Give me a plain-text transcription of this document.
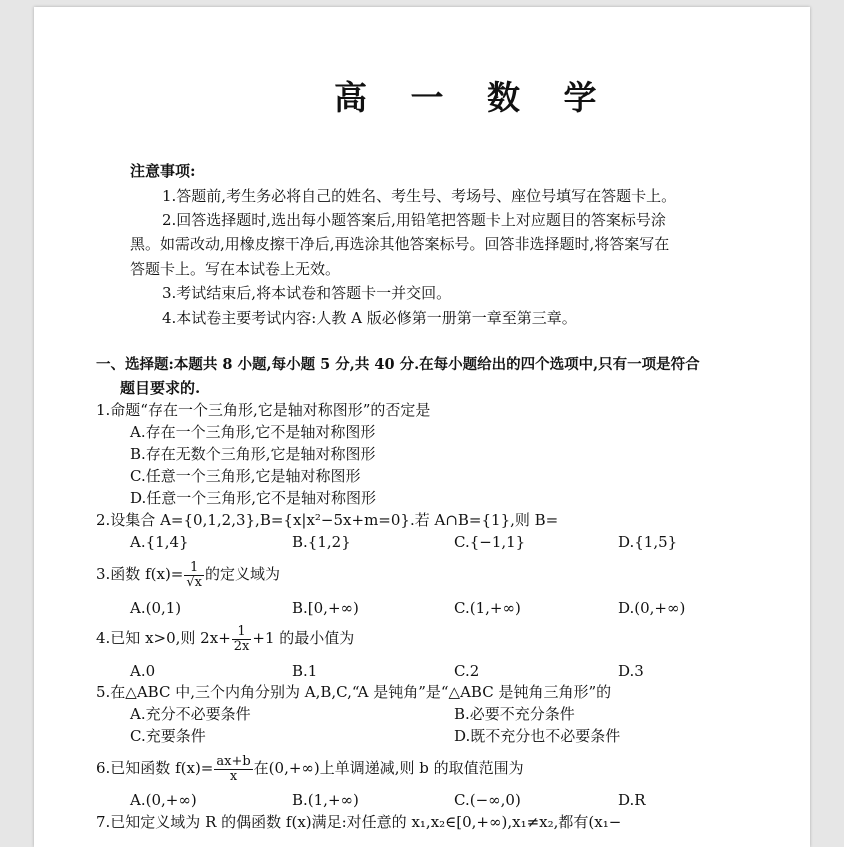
高 一 数 学
注意事项:
1.答题前,考生务必将自己的姓名、考生号、考场号、座位号填写在答题卡上。
2.回答选择题时,选出每小题答案后,用铅笔把答题卡上对应题目的答案标号涂
黑。如需改动,用橡皮擦干净后,再选涂其他答案标号。回答非选择题时,将答案写在
答题卡上。写在本试卷上无效。
3.考试结束后,将本试卷和答题卡一并交回。
4.本试卷主要考试内容:人教 A 版必修第一册第一章至第三章。
一、选择题:本题共 8 小题,每小题 5 分,共 40 分.在每小题给出的四个选项中,只有一项是符合
题目要求的.
1.命题“存在一个三角形,它是轴对称图形”的否定是
A.存在一个三角形,它不是轴对称图形
B.存在无数个三角形,它是轴对称图形
C.任意一个三角形,它是轴对称图形
D.任意一个三角形,它不是轴对称图形
2.设集合 A={0,1,2,3},B={x|x²−5x+m=0}.若 A∩B={1},则 B=
A.{1,4}	B.{1,2}	C.{−1,1}	D.{1,5}
3.函数 $f(x)= \frac{1}{√x}$ 的定义域为
A.(0,1)	B.[0,+∞)	C.(1,+∞)	D.(0,+∞)
4.已知 x>0,则 $2x+ \frac{1}{2x} +1$ 的最小值为
A.0	B.1	C.2	D.3
5.在△ABC 中,三个内角分别为 A,B,C,“A 是钝角”是“△ABC 是钝角三角形”的
A.充分不必要条件	B.必要不充分条件
C.充要条件	D.既不充分也不必要条件
6.已知函数 $f(x)= \frac{ax+b}{x}$ 在(0,+∞)上单调递减,则 b 的取值范围为
A.(0,+∞)	B.(1,+∞)	C.(−∞,0)	D.R
7.已知定义域为 R 的偶函数 f(x)满足:对任意的 x₁,x₂∈[0,+∞),x₁≠x₂,都有(x₁−
